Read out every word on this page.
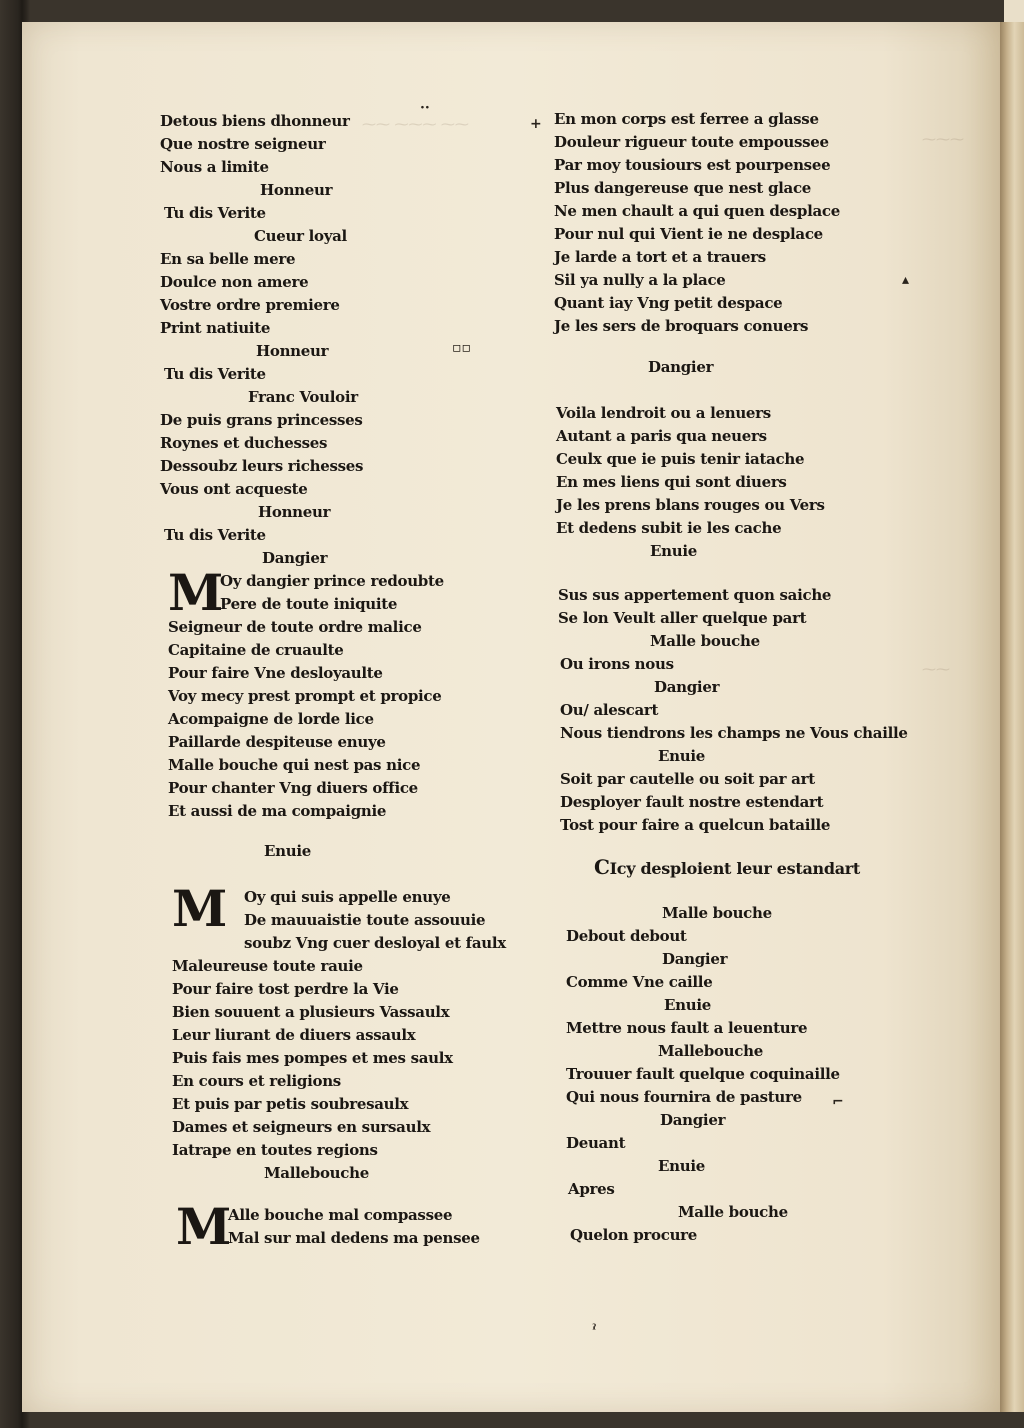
⁓⁓ ⁓⁓⁓ ⁓⁓
⁓⁓⁓
⁓⁓
Detous biens dhonneur
Que nostre seigneur
Nous a limite
Honneur
Tu dis Verite
Cueur loyal
En sa belle mere
Doulce non amere
Vostre ordre premiere
Print natiuite
Honneur
Tu dis Verite
Franc Vouloir
De puis grans princesses
Roynes et duchesses
Dessoubz leurs richesses
Vous ont acqueste
Honneur
Tu dis Verite
Dangier
M
Oy dangier prince redoubte
Pere de toute iniquite
Seigneur de toute ordre malice
Capitaine de cruaulte
Pour faire Vne desloyaulte
Voy mecy prest prompt et propice
Acompaigne de lorde lice
Paillarde despiteuse enuye
Malle bouche qui nest pas nice
Pour chanter Vng diuers office
Et aussi de ma compaignie
Enuie
M Oy qui suis appelle enuye
De mauuaistie toute assouuie
soubz Vng cuer desloyal et faulx
Maleureuse toute rauie
Pour faire tost perdre la Vie
Bien souuent a plusieurs Vassaulx
Leur liurant de diuers assaulx
Puis fais mes pompes et mes saulx
En cours et religions
Et puis par petis soubresaulx
Dames et seigneurs en sursaulx
Iatrape en toutes regions
Mallebouche
M
Alle bouche mal compassee
Mal sur mal dedens ma pensee
··
+
▫▫
▴
⌐
En mon corps est ferree a glasse
Douleur rigueur toute empoussee
Par moy tousiours est pourpensee
Plus dangereuse que nest glace
Ne men chault a qui quen desplace
Pour nul qui Vient ie ne desplace
Je larde a tort et a trauers
Sil ya nully a la place
Quant iay Vng petit despace
Je les sers de broquars conuers
Dangier
Voila lendroit ou a lenuers
Autant a paris qua neuers
Ceulx que ie puis tenir iatache
En mes liens qui sont diuers
Je les prens blans rouges ou Vers
Et dedens subit ie les cache
Enuie
Sus sus appertement quon saiche
Se lon Veult aller quelque part
Malle bouche
Ou irons nous
Dangier
Ou/ alescart
Nous tiendrons les champs ne Vous chaille
Enuie
Soit par cautelle ou soit par art
Desployer fault nostre estendart
Tost pour faire a quelcun bataille
CIcy desploient leur estandart
Malle bouche
Debout debout
Dangier
Comme Vne caille
Enuie
Mettre nous fault a leuenture
Mallebouche
Trouuer fault quelque coquinaille
Qui nous fournira de pasture
Dangier
Deuant
Enuie
Apres
Malle bouche
Quelon procure
ˀ
